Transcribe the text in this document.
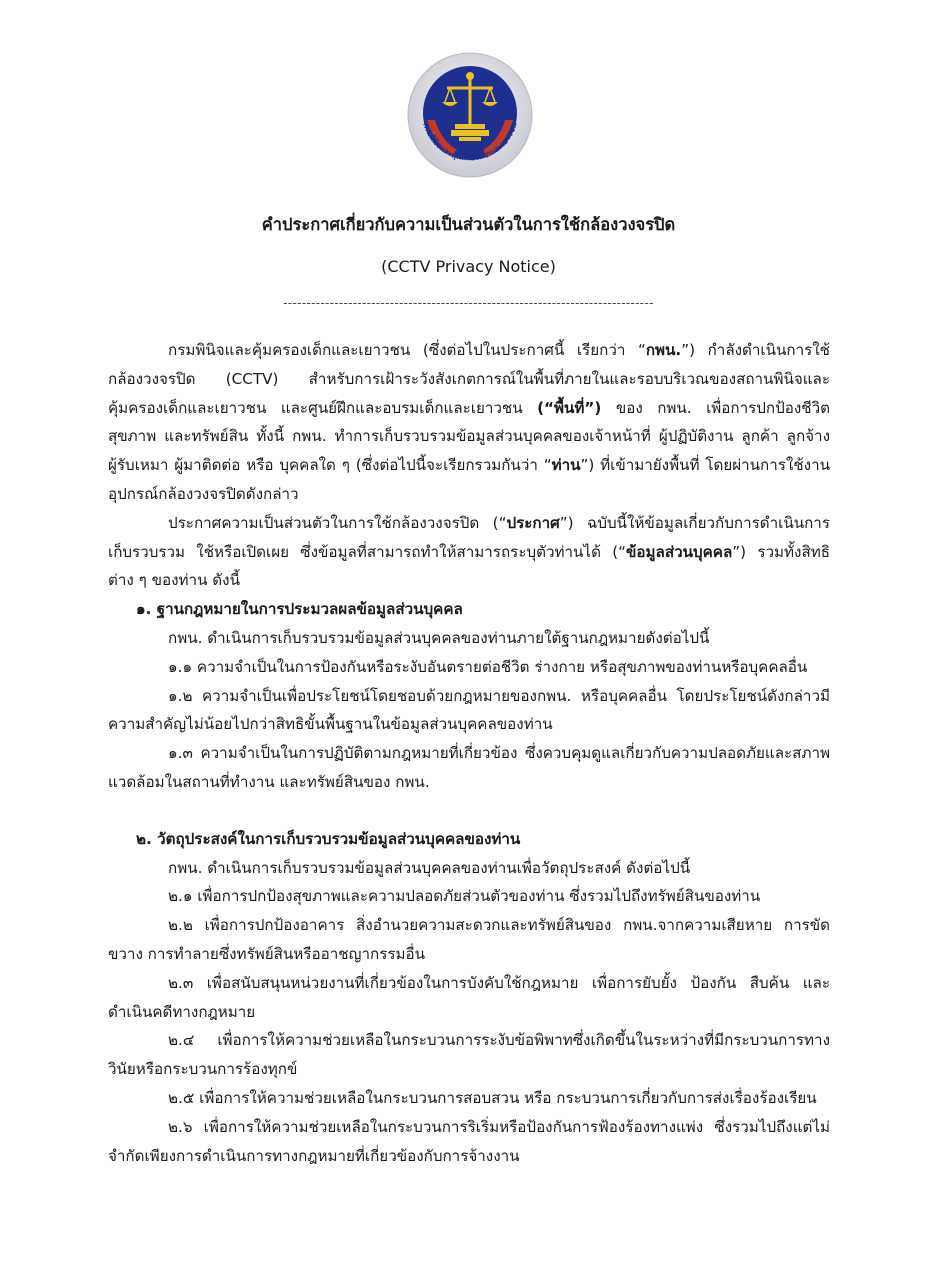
กรมพินิจและคุ้มครองเด็กและเยาวชน
คำประกาศเกี่ยวกับความเป็นส่วนตัวในการใช้กล้องวงจรปิด
(CCTV Privacy Notice)
--------------------------------------------------------------------------------

กรมพินิจและคุ้มครองเด็กและเยาวชน (ซึ่งต่อไปในประกาศนี้ เรียกว่า “กพน.”) กำลังดำเนินการใช้กล้องวงจรปิด (CCTV) สำหรับการเฝ้าระวังสังเกตการณ์ในพื้นที่ภายในและรอบบริเวณของสถานพินิจและคุ้มครองเด็กและเยาวชน และศูนย์ฝึกและอบรมเด็กและเยาวชน (“พื้นที่”) ของ กพน. เพื่อการปกป้องชีวิต สุขภาพ และทรัพย์สิน ทั้งนี้ กพน. ทำการเก็บรวบรวมข้อมูลส่วนบุคคลของเจ้าหน้าที่ ผู้ปฏิบัติงาน ลูกค้า ลูกจ้าง ผู้รับเหมา ผู้มาติดต่อ หรือ บุคคลใด ๆ (ซึ่งต่อไปนี้จะเรียกรวมกันว่า “ท่าน”) ที่เข้ามายังพื้นที่ โดยผ่านการใช้งานอุปกรณ์กล้องวงจรปิดดังกล่าว

ประกาศความเป็นส่วนตัวในการใช้กล้องวงจรปิด (“ประกาศ”) ฉบับนี้ให้ข้อมูลเกี่ยวกับการดำเนินการเก็บรวบรวม ใช้หรือเปิดเผย ซึ่งข้อมูลที่สามารถทำให้สามารถระบุตัวท่านได้ (“ข้อมูลส่วนบุคคล”) รวมทั้งสิทธิต่าง ๆ ของท่าน ดังนี้

๑. ฐานกฎหมายในการประมวลผลข้อมูลส่วนบุคคล

กพน. ดำเนินการเก็บรวบรวมข้อมูลส่วนบุคคลของท่านภายใต้ฐานกฎหมายดังต่อไปนี้

๑.๑ ความจำเป็นในการป้องกันหรือระงับอันตรายต่อชีวิต ร่างกาย หรือสุขภาพของท่านหรือบุคคลอื่น

๑.๒ ความจำเป็นเพื่อประโยชน์โดยชอบด้วยกฎหมายของกพน. หรือบุคคลอื่น โดยประโยชน์ดังกล่าวมีความสำคัญไม่น้อยไปกว่าสิทธิขั้นพื้นฐานในข้อมูลส่วนบุคคลของท่าน

๑.๓ ความจำเป็นในการปฏิบัติตามกฎหมายที่เกี่ยวข้อง ซึ่งควบคุมดูแลเกี่ยวกับความปลอดภัยและสภาพแวดล้อมในสถานที่ทำงาน และทรัพย์สินของ กพน.

๒. วัตถุประสงค์ในการเก็บรวบรวมข้อมูลส่วนบุคคลของท่าน

กพน. ดำเนินการเก็บรวบรวมข้อมูลส่วนบุคคลของท่านเพื่อวัตถุประสงค์ ดังต่อไปนี้

๒.๑ เพื่อการปกป้องสุขภาพและความปลอดภัยส่วนตัวของท่าน ซึ่งรวมไปถึงทรัพย์สินของท่าน

๒.๒ เพื่อการปกป้องอาคาร สิ่งอำนวยความสะดวกและทรัพย์สินของ กพน.จากความเสียหาย การขัดขวาง การทำลายซึ่งทรัพย์สินหรืออาชญากรรมอื่น

๒.๓ เพื่อสนับสนุนหน่วยงานที่เกี่ยวข้องในการบังคับใช้กฎหมาย เพื่อการยับยั้ง ป้องกัน สืบค้น และดำเนินคดีทางกฎหมาย

๒.๔ เพื่อการให้ความช่วยเหลือในกระบวนการระงับข้อพิพาทซึ่งเกิดขึ้นในระหว่างที่มีกระบวนการทางวินัยหรือกระบวนการร้องทุกข์

๒.๕ เพื่อการให้ความช่วยเหลือในกระบวนการสอบสวน หรือ กระบวนการเกี่ยวกับการส่งเรื่องร้องเรียน

๒.๖ เพื่อการให้ความช่วยเหลือในกระบวนการริเริ่มหรือป้องกันการฟ้องร้องทางแพ่ง ซึ่งรวมไปถึงแต่ไม่จำกัดเพียงการดำเนินการทางกฎหมายที่เกี่ยวข้องกับการจ้างงาน
